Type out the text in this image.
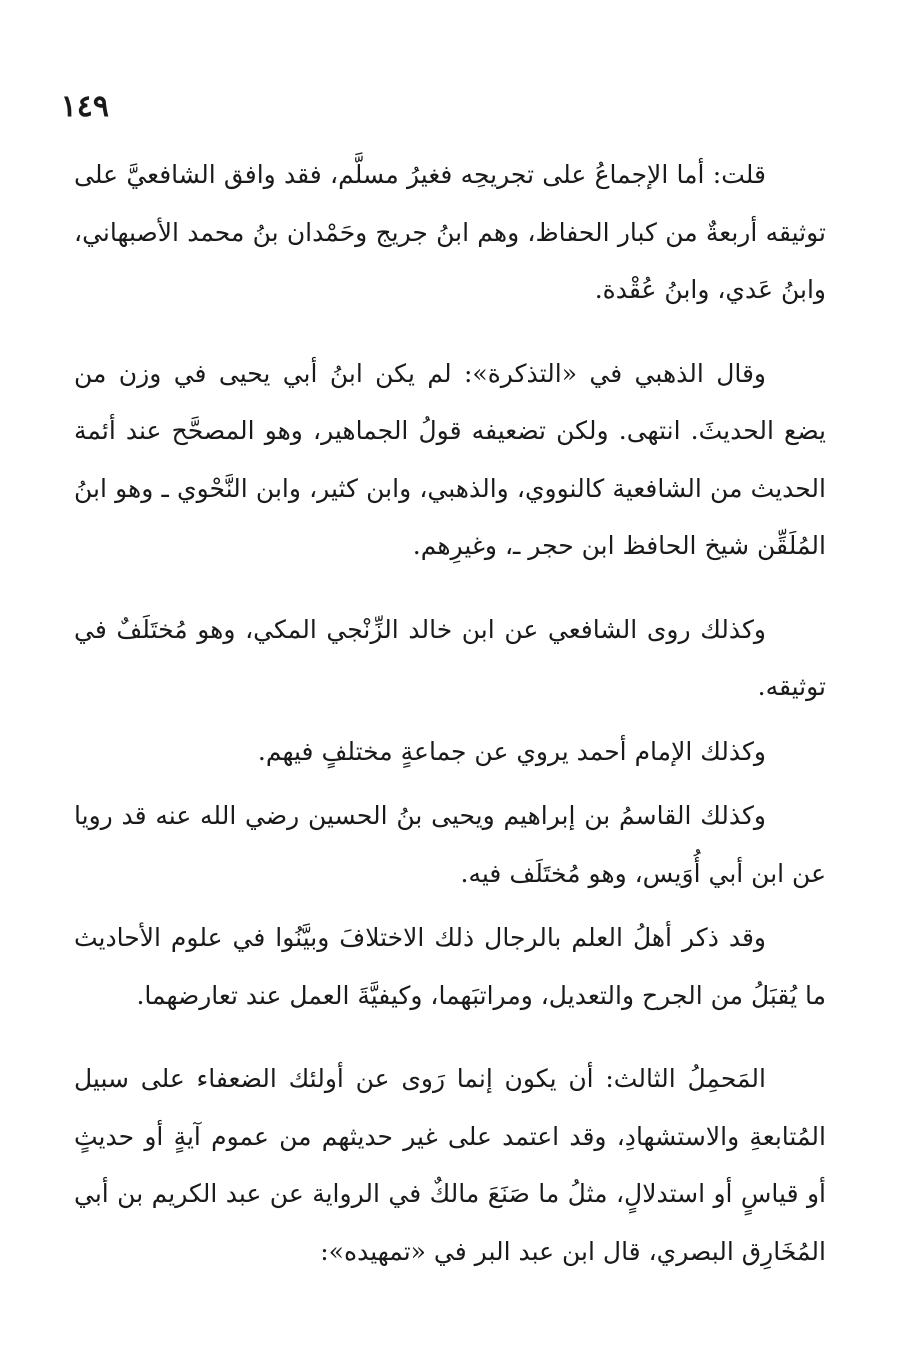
١٤٩

قلت: أما الإجماعُ على تجريحِه فغيرُ مسلَّم، فقد وافق الشافعيَّ على توثيقه أربعةٌ من كبار الحفاظ، وهم ابنُ جريج وحَمْدان بنُ محمد الأصبهاني، وابنُ عَدي، وابنُ عُقْدة.

وقال الذهبي في «التذكرة»: لم يكن ابنُ أبي يحيى في وزن من يضع الحديثَ. انتهى. ولكن تضعيفه قولُ الجماهير، وهو المصحَّح عند أئمة الحديث من الشافعية كالنووي، والذهبي، وابن كثير، وابن النَّحْوي ـ وهو ابنُ المُلَقِّن شيخ الحافظ ابن حجر ـ، وغيرِهم.

وكذلك روى الشافعي عن ابن خالد الزِّنْجي المكي، وهو مُختَلَفٌ في توثيقه.

وكذلك الإمام أحمد يروي عن جماعةٍ مختلفٍ فيهم.

وكذلك القاسمُ بن إبراهيم ويحيى بنُ الحسين رضي الله عنه قد رويا عن ابن أبي أُوَيس، وهو مُختَلَف فيه.

وقد ذكر أهلُ العلم بالرجال ذلك الاختلافَ وبيَّنُوا في علوم الأحاديث ما يُقبَلُ من الجرح والتعديل، ومراتبَهما، وكيفيَّةَ العمل عند تعارضهما.

المَحمِلُ الثالث: أن يكون إنما رَوى عن أولئك الضعفاء على سبيل المُتابعةِ والاستشهادِ، وقد اعتمد على غير حديثهم من عموم آيةٍ أو حديثٍ أو قياسٍ أو استدلالٍ، مثلُ ما صَنَعَ مالكٌ في الرواية عن عبد الكريم بن أبي المُخَارِق البصري، قال ابن عبد البر في «تمهيده»:
